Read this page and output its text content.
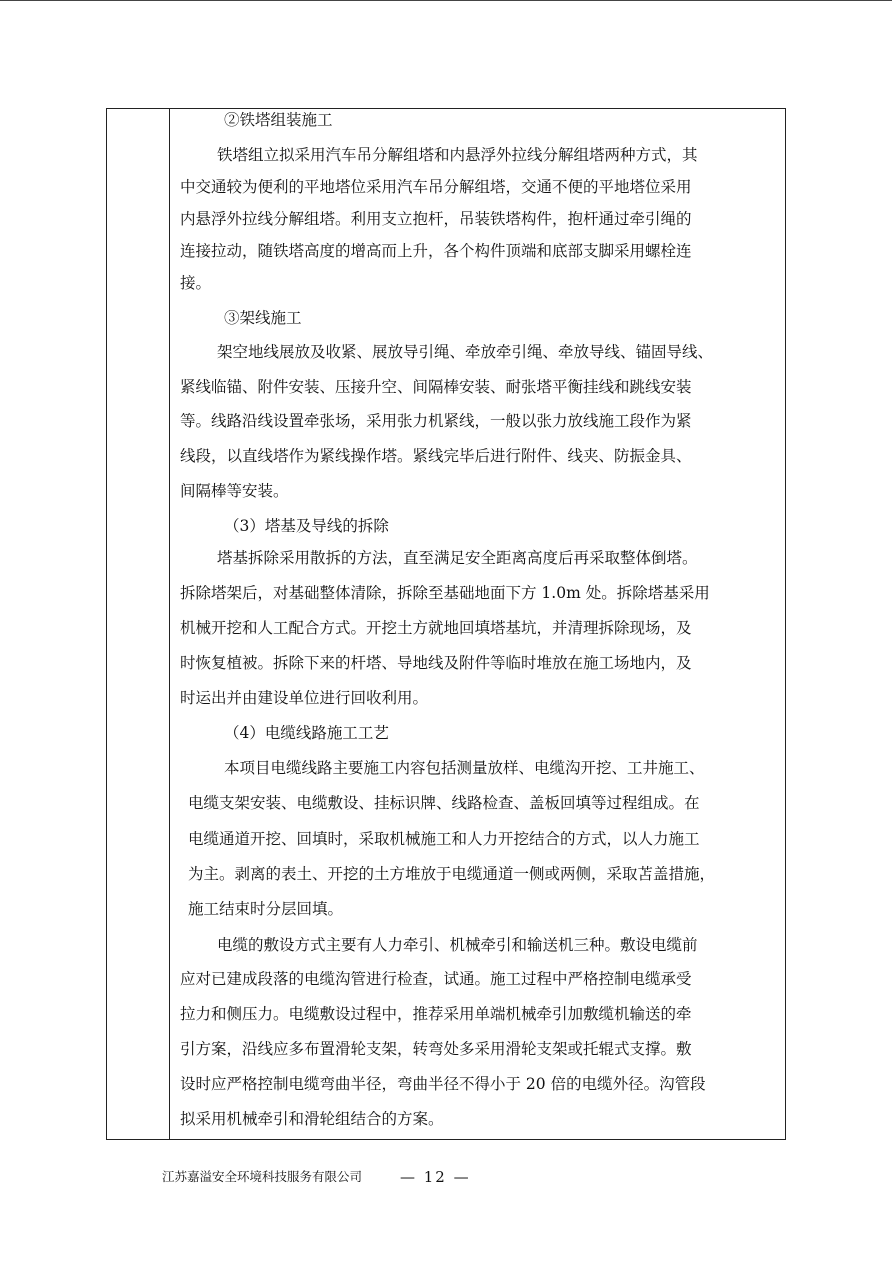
②铁塔组装施工
铁塔组立拟采用汽车吊分解组塔和内悬浮外拉线分解组塔两种方式，其
中交通较为便利的平地塔位采用汽车吊分解组塔，交通不便的平地塔位采用
内悬浮外拉线分解组塔。利用支立抱杆，吊装铁塔构件，抱杆通过牵引绳的
连接拉动，随铁塔高度的增高而上升，各个构件顶端和底部支脚采用螺栓连
接。
③架线施工
架空地线展放及收紧、展放导引绳、牵放牵引绳、牵放导线、锚固导线、
紧线临锚、附件安装、压接升空、间隔棒安装、耐张塔平衡挂线和跳线安装
等。线路沿线设置牵张场，采用张力机紧线，一般以张力放线施工段作为紧
线段，以直线塔作为紧线操作塔。紧线完毕后进行附件、线夹、防振金具、
间隔棒等安装。
（3）塔基及导线的拆除
塔基拆除采用散拆的方法，直至满足安全距离高度后再采取整体倒塔。
拆除塔架后，对基础整体清除，拆除至基础地面下方 1.0m 处。拆除塔基采用
机械开挖和人工配合方式。开挖土方就地回填塔基坑，并清理拆除现场，及
时恢复植被。拆除下来的杆塔、导地线及附件等临时堆放在施工场地内，及
时运出并由建设单位进行回收利用。
（4）电缆线路施工工艺
本项目电缆线路主要施工内容包括测量放样、电缆沟开挖、工井施工、
电缆支架安装、电缆敷设、挂标识牌、线路检查、盖板回填等过程组成。在
电缆通道开挖、回填时，采取机械施工和人力开挖结合的方式，以人力施工
为主。剥离的表土、开挖的土方堆放于电缆通道一侧或两侧，采取苫盖措施，
施工结束时分层回填。
电缆的敷设方式主要有人力牵引、机械牵引和输送机三种。敷设电缆前
应对已建成段落的电缆沟管进行检查，试通。施工过程中严格控制电缆承受
拉力和侧压力。电缆敷设过程中，推荐采用单端机械牵引加敷缆机输送的牵
引方案，沿线应多布置滑轮支架，转弯处多采用滑轮支架或托辊式支撑。敷
设时应严格控制电缆弯曲半径，弯曲半径不得小于 20 倍的电缆外径。沟管段
拟采用机械牵引和滑轮组结合的方案。
江苏嘉溢安全环境科技服务有限公司	— 12 —
